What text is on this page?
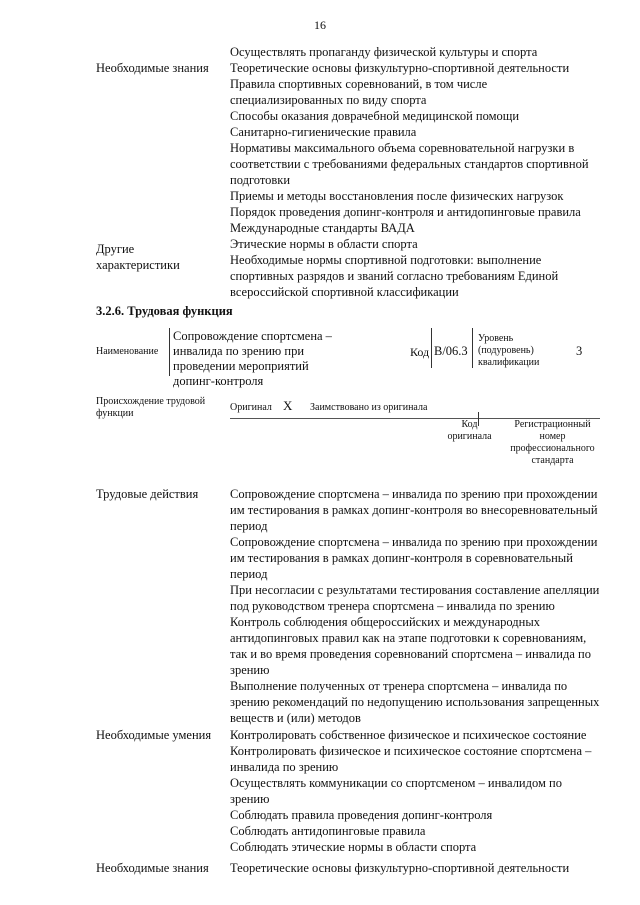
16
Осуществлять пропаганду физической культуры и спорта
Теоретические основы физкультурно-спортивной деятельности
Правила спортивных соревнований, в том числе специализированных по виду спорта
Способы оказания доврачебной медицинской помощи
Санитарно-гигиенические правила
Нормативы максимального объема соревновательной нагрузки в соответствии с требованиями федеральных стандартов спортивной подготовки
Приемы и методы восстановления после физических нагрузок
Порядок проведения допинг-контроля и антидопинговые правила
Международные стандарты ВАДА
Этические нормы в области спорта
Необходимые нормы спортивной подготовки: выполнение спортивных разрядов и званий согласно требованиям Единой всероссийской спортивной классификации
Необходимые знания
Другие характеристики
3.2.6. Трудовая функция
Наименование
Сопровождение спортсмена – инвалида по зрению при проведении мероприятий допинг-контроля
Код B/06.3
Уровень (подуровень) квалификации
3
Происхождение трудовой функции
Оригинал X Заимствовано из оригинала
Код оригинала
Регистрационный номер профессионального стандарта
Трудовые действия	Сопровождение спортсмена – инвалида по зрению при прохождении им тестирования в рамках допинг-контроля во внесоревновательный период
Сопровождение спортсмена – инвалида по зрению при прохождении им тестирования в рамках допинг-контроля в соревновательный период
При несогласии с результатами тестирования составление апелляции под руководством тренера спортсмена – инвалида по зрению
Контроль соблюдения общероссийских и международных антидопинговых правил как на этапе подготовки к соревнованиям, так и во время проведения соревнований спортсмена – инвалида по зрению
Выполнение полученных от тренера спортсмена – инвалида по зрению рекомендаций по недопущению использования запрещенных веществ и (или) методов
Необходимые умения Контролировать собственное физическое и психическое состояние
Контролировать физическое и психическое состояние спортсмена – инвалида по зрению
Осуществлять коммуникации со спортсменом – инвалидом по зрению
Соблюдать правила проведения допинг-контроля
Соблюдать антидопинговые правила
Соблюдать этические нормы в области спорта
Необходимые знания Теоретические основы физкультурно-спортивной деятельности
